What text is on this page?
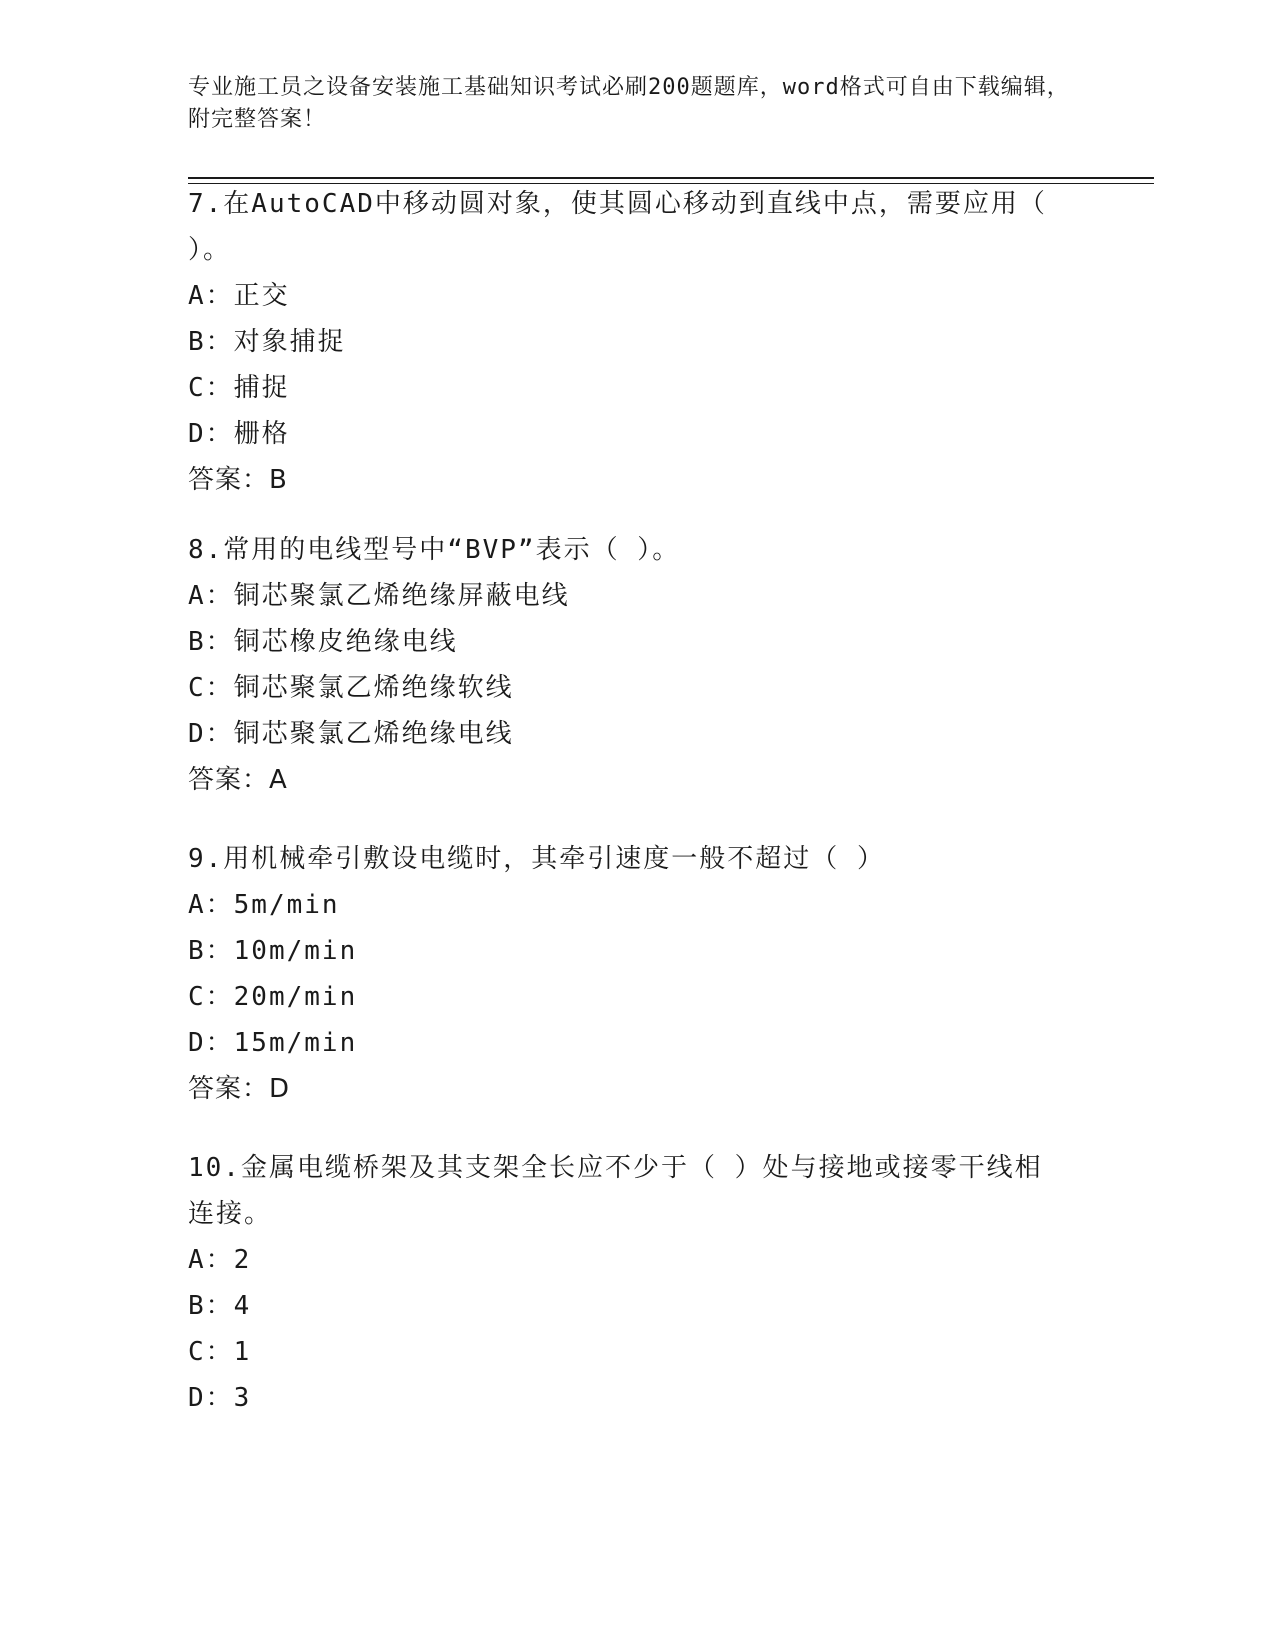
专业施工员之设备安装施工基础知识考试必刷200题题库，word格式可自由下载编辑，附完整答案！

7.在AutoCAD中移动圆对象，使其圆心移动到直线中点，需要应用（ ）。

A：正交
B：对象捕捉
C：捕捉
D：栅格
答案：B

8.常用的电线型号中“BVP”表示（ ）。

A：铜芯聚氯乙烯绝缘屏蔽电线
B：铜芯橡皮绝缘电线
C：铜芯聚氯乙烯绝缘软线
D：铜芯聚氯乙烯绝缘电线
答案：A

9.用机械牵引敷设电缆时，其牵引速度一般不超过（ ）

A：5m/min
B：10m/min
C：20m/min
D：15m/min
答案：D

10.金属电缆桥架及其支架全长应不少于（ ）处与接地或接零干线相连接。

A：2
B：4
C：1
D：3
